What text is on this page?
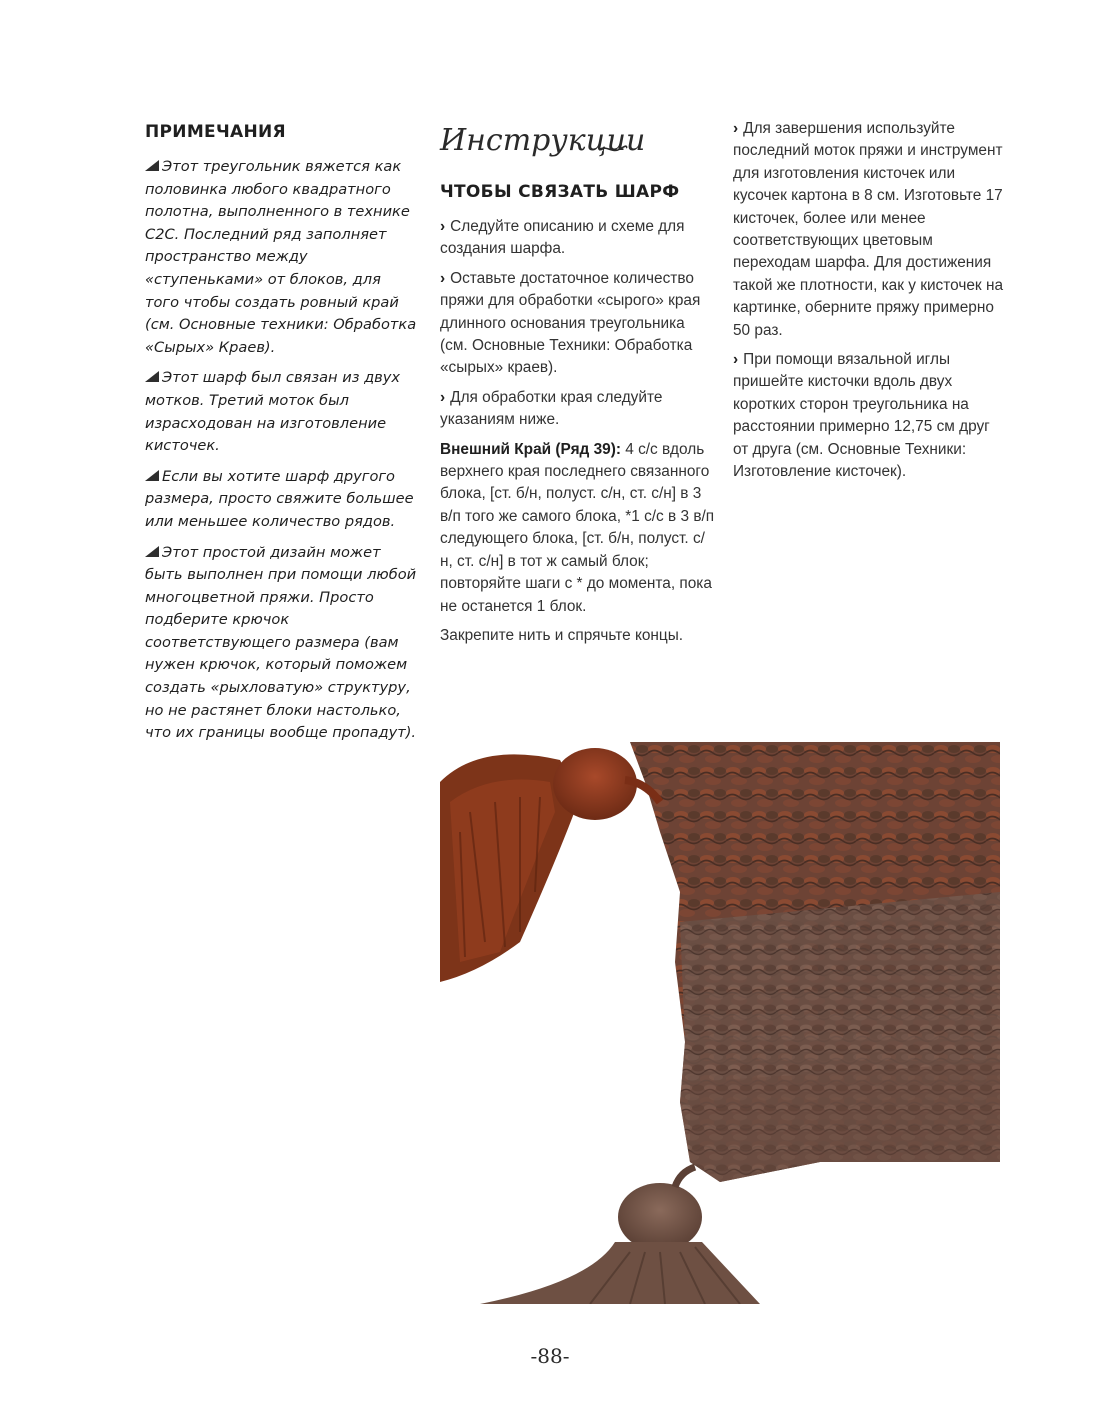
ПРИМЕЧАНИЯ

Этот треугольник вяжется как половинка любого квадратного полотна, выполненного в технике С2С. Последний ряд заполняет пространство между «ступеньками» от блоков, для того чтобы создать ровный край (см. Основные техники: Обработка «Сырых» Краев).

Этот шарф был связан из двух мотков. Третий моток был израсходован на изготовление кисточек.

Если вы хотите шарф другого размера, просто свяжите большее или меньшее количество рядов.

Этот простой дизайн может быть выполнен при помощи любой многоцветной пряжи. Просто подберите крючок соответствующего размера (вам нужен крючок, который поможем создать «рыхловатую» структуру, но не растянет блоки настолько, что их границы вообще пропадут).

Инструкции
ЧТОБЫ СВЯЗАТЬ ШАРФ

› Следуйте описанию и схеме для создания шарфа.

› Оставьте достаточное количество пряжи для обработки «сырого» края длинного основания треугольника (см. Основные Техники: Обработка «сырых» краев).

› Для обработки края следуйте указаниям ниже.

Внешний Край (Ряд 39): 4 с/с вдоль верхнего края последнего связанного блока, [ст. б/н, полуст. с/н, ст. с/н] в 3 в/п того же самого блока, *1 с/с в 3 в/п следующего блока, [ст. б/н, полуст. с/н, ст. с/н] в тот ж самый блок; повторяйте шаги с * до момента, пока не останется 1 блок.

Закрепите нить и спрячьте концы.

› Для завершения используйте последний моток пряжи и инструмент для изготовления кисточек или кусочек картона в 8 см. Изготовьте 17 кисточек, более или менее соответствующих цветовым переходам шарфа. Для достижения такой же плотности, как у кисточек на картинке, оберните пряжу примерно 50 раз.

› При помощи вязальной иглы пришейте кисточки вдоль двух коротких сторон треугольника на расстоянии примерно 12,75 см друг от друга (см. Основные Техники: Изготовление кисточек).

-88-
